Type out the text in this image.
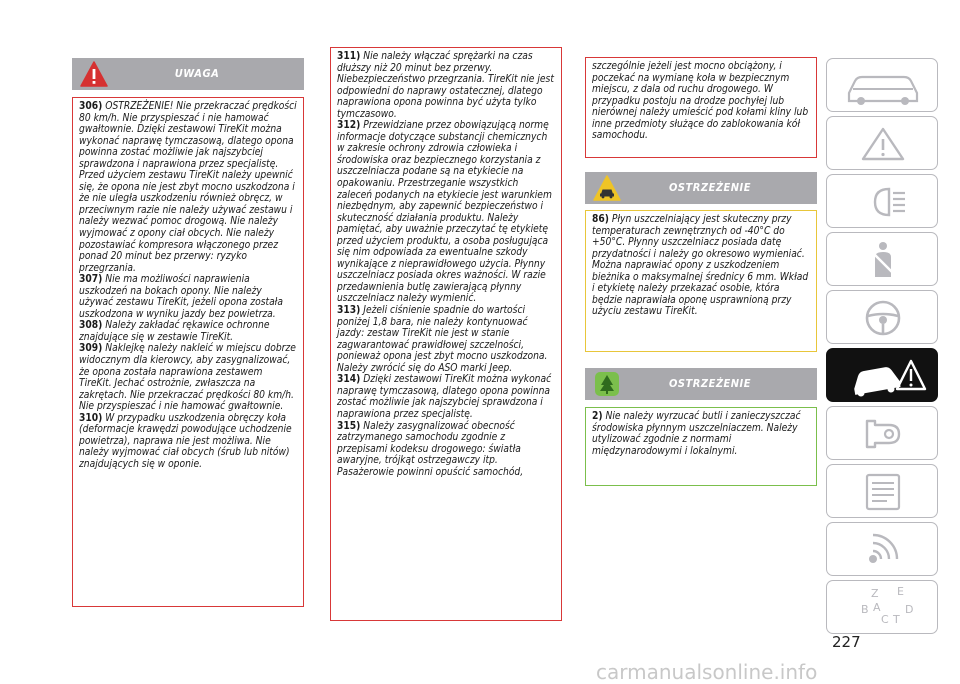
UWAGA

306) OSTRZEŻENIE! Nie przekraczać prędkości 80 km/h. Nie przyspieszać i nie hamować gwałtownie. Dzięki zestawowi TireKit można wykonać naprawę tymczasową, dlatego opona powinna zostać możliwie jak najszybciej sprawdzona i naprawiona przez specjalistę. Przed użyciem zestawu TireKit należy upewnić się, że opona nie jest zbyt mocno uszkodzona i że nie uległa uszkodzeniu również obręcz, w przeciwnym razie nie należy używać zestawu i należy wezwać pomoc drogową. Nie należy wyjmować z opony ciał obcych. Nie należy pozostawiać kompresora włączonego przez ponad 20 minut bez przerwy: ryzyko przegrzania.

307) Nie ma możliwości naprawienia uszkodzeń na bokach opony. Nie należy używać zestawu TireKit, jeżeli opona została uszkodzona w wyniku jazdy bez powietrza.

308) Należy zakładać rękawice ochronne znajdujące się w zestawie TireKit.

309) Naklejkę należy nakleić w miejscu dobrze widocznym dla kierowcy, aby zasygnalizować, że opona została naprawiona zestawem TireKit. Jechać ostrożnie, zwłaszcza na zakrętach. Nie przekraczać prędkości 80 km/h. Nie przyspieszać i nie hamować gwałtownie.

310) W przypadku uszkodzenia obręczy koła (deformacje krawędzi powodujące uchodzenie powietrza), naprawa nie jest możliwa. Nie należy wyjmować ciał obcych (śrub lub nitów) znajdujących się w oponie.

311) Nie należy włączać sprężarki na czas dłuższy niż 20 minut bez przerwy. Niebezpieczeństwo przegrzania. TireKit nie jest odpowiedni do naprawy ostatecznej, dlatego naprawiona opona powinna być użyta tylko tymczasowo.

312) Przewidziane przez obowiązującą normę informacje dotyczące substancji chemicznych w zakresie ochrony zdrowia człowieka i środowiska oraz bezpiecznego korzystania z uszczelniacza podane są na etykiecie na opakowaniu. Przestrzeganie wszystkich zaleceń podanych na etykiecie jest warunkiem niezbędnym, aby zapewnić bezpieczeństwo i skuteczność działania produktu. Należy pamiętać, aby uważnie przeczytać tę etykietę przed użyciem produktu, a osoba posługująca się nim odpowiada za ewentualne szkody wynikające z nieprawidłowego użycia. Płynny uszczelniacz posiada okres ważności. W razie przedawnienia butlę zawierającą płynny uszczelniacz należy wymienić.

313) Jeżeli ciśnienie spadnie do wartości poniżej 1,8 bara, nie należy kontynuować jazdy: zestaw TireKit nie jest w stanie zagwarantować prawidłowej szczelności, ponieważ opona jest zbyt mocno uszkodzona. Należy zwrócić się do ASO marki Jeep.

314) Dzięki zestawowi TireKit można wykonać naprawę tymczasową, dlatego opona powinna zostać możliwie jak najszybciej sprawdzona i naprawiona przez specjalistę.

315) Należy zasygnalizować obecność zatrzymanego samochodu zgodnie z przepisami kodeksu drogowego: światła awaryjne, trójkąt ostrzegawczy itp. Pasażerowie powinni opuścić samochód,

szczególnie jeżeli jest mocno obciążony, i poczekać na wymianę koła w bezpiecznym miejscu, z dala od ruchu drogowego. W przypadku postoju na drodze pochyłej lub nierównej należy umieścić pod kołami kliny lub inne przedmioty służące do zablokowania kół samochodu.

OSTRZEŻENIE

86) Płyn uszczelniający jest skuteczny przy temperaturach zewnętrznych od -40°C do +50°C. Płynny uszczelniacz posiada datę przydatności i należy go okresowo wymieniać. Można naprawiać opony z uszkodzeniem bieżnika o maksymalnej średnicy 6 mm. Wkład i etykietę należy przekazać osobie, która będzie naprawiała oponę usprawnioną przy użyciu zestawu TireKit.

OSTRZEŻENIE

2) Nie należy wyrzucać butli i zanieczyszczać środowiska płynnym uszczelniaczem. Należy utylizować zgodnie z normami międzynarodowymi i lokalnymi.

Z E
B
C T
D
A
227
carmanualsonline.info
